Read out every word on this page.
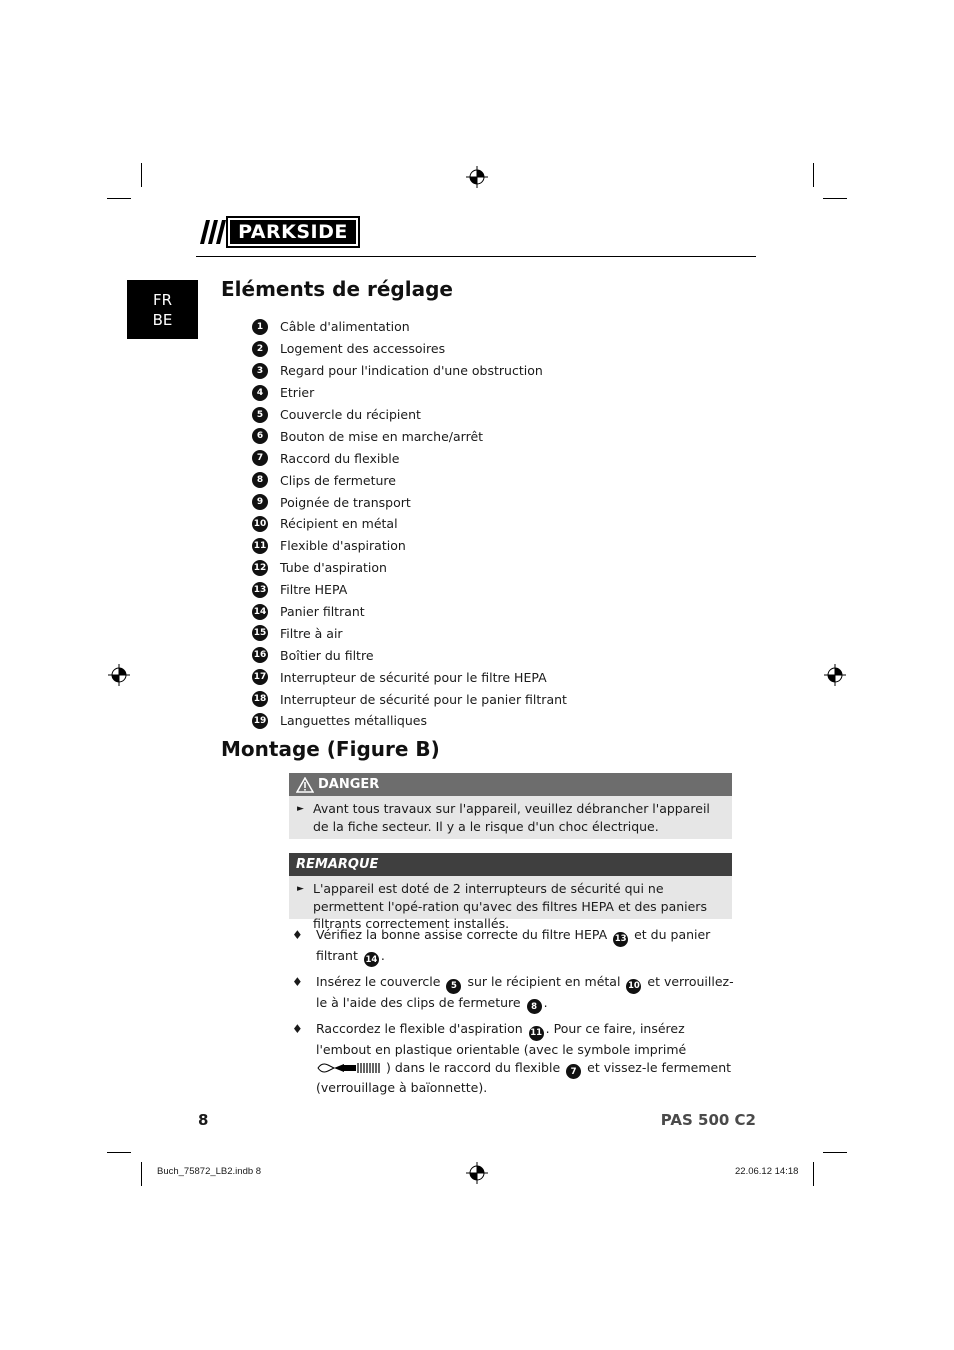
PARKSIDE
FR
BE
Eléments de réglage
1	Câble d'alimentation
2	Logement des accessoires
3	Regard pour l'indication d'une obstruction
4	Etrier
5	Couvercle du récipient
6	Bouton de mise en marche/arrêt
7	Raccord du flexible
8	Clips de fermeture
9	Poignée de transport
10 Récipient en métal
11 Flexible d'aspiration
12 Tube d'aspiration
13 Filtre HEPA
14 Panier filtrant
15 Filtre à air
16 Boîtier du filtre
17 Interrupteur de sécurité pour le filtre HEPA
18 Interrupteur de sécurité pour le panier filtrant
19 Languettes métalliques
Montage (Figure B)
DANGER
► Avant tous travaux sur l'appareil, veuillez débrancher l'appareil de la fiche secteur. Il y a le risque d'un choc électrique.
REMARQUE
► L'appareil est doté de 2 interrupteurs de sécurité qui ne permettent l'opé-ration qu'avec des filtres HEPA et des paniers filtrants correctement installés.
♦	Vérifiez la bonne assise correcte du filtre HEPA 13 et du panier filtrant 14 .
♦	Insérez le couvercle 5 sur le récipient en métal 10 et verrouillez-le à l'aide des clips de fermeture 8 .
♦	Raccordez le flexible d'aspiration 11 . Pour ce faire, insérez l'embout en plastique orientable (avec le symbole imprimé ) dans le raccord du flexible 7 et vissez-le fermement (verrouillage à baïonnette).
8	PAS 500 C2
Buch_75872_LB2.indb 8	22.06.12 14:18
